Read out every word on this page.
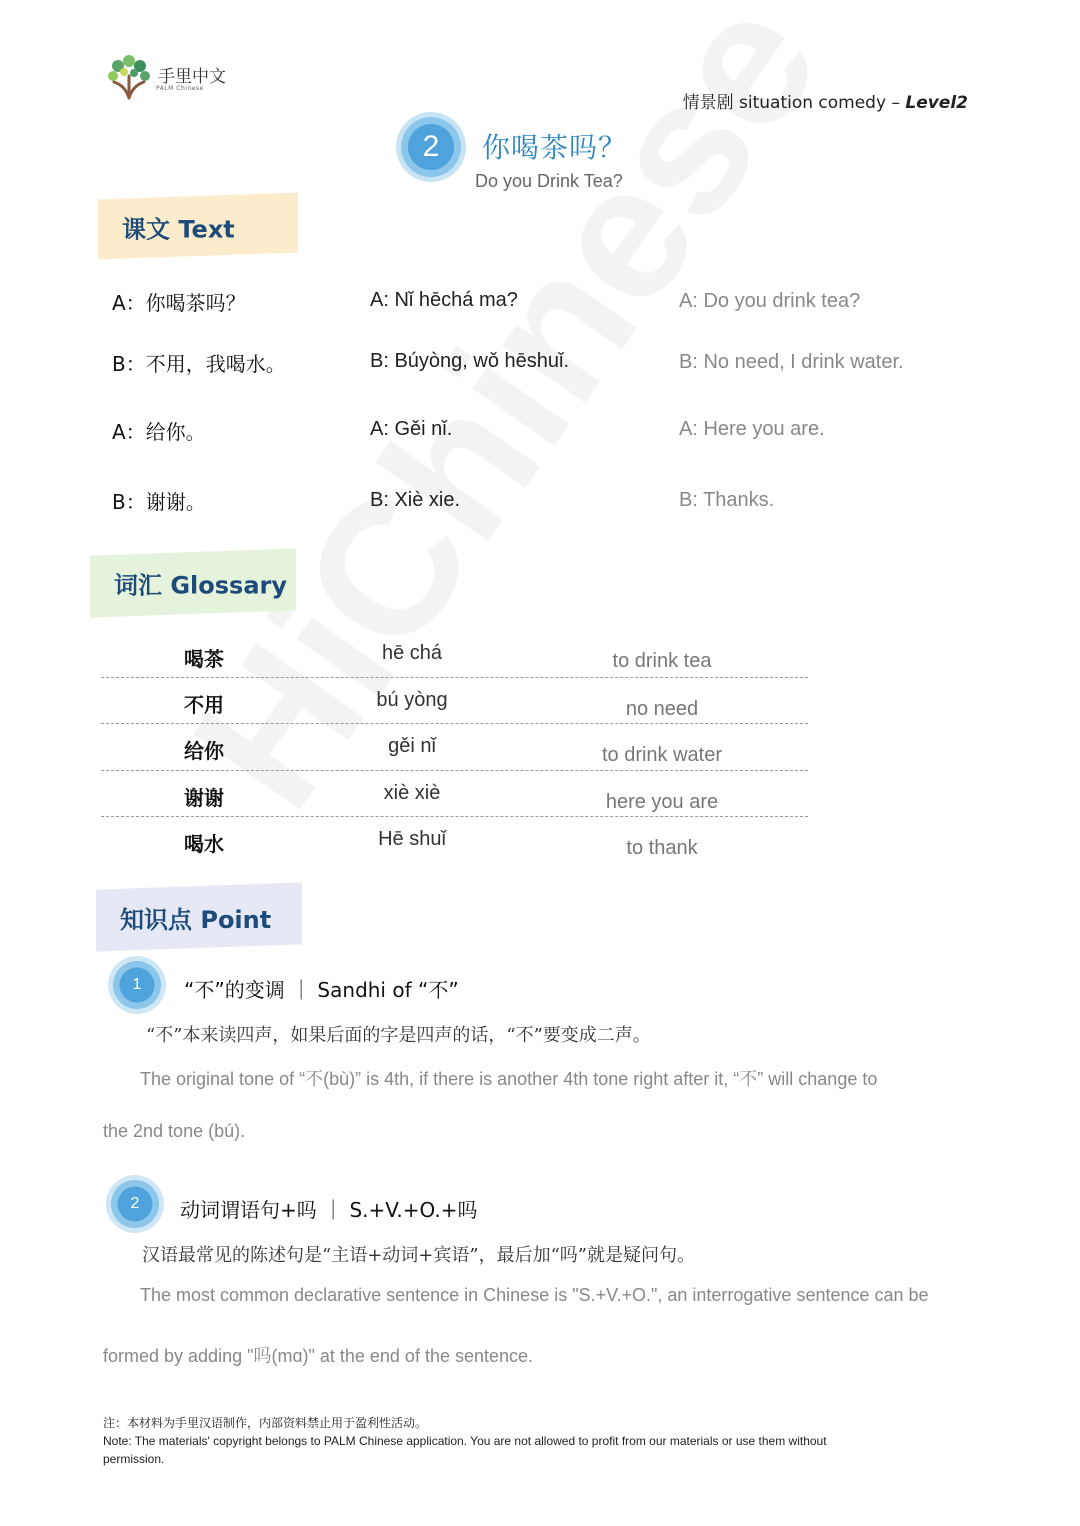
手里中文
PALM Chinese
情景剧 situation comedy – Level2
2	你喝茶吗？
Do you Drink Tea?
课文 Text
A：你喝茶吗？	A: Nǐ hēchá ma?	A: Do you drink tea?
B：不用，我喝水。	B: Búyòng, wǒ hēshuǐ.	B: No need, I drink water.
A：给你。	A: Gěi nǐ.	A: Here you are.
B：谢谢。	B: Xiè xie.	B: Thanks.
词汇 Glossary
喝茶	hē chá	to drink tea
不用	bú yòng	no need
给你	gěi nǐ	to drink water
谢谢	xiè xiè	here you are
喝水	Hē shuǐ	to thank
知识点 Point
1	“不”的变调 ｜ Sandhi of “不”
“不”本来读四声，如果后面的字是四声的话，“不”要变成二声。
The original tone of “不(bù)” is 4th, if there is another 4th tone right after it, “不” will change to
the 2nd tone (bú).
2	动词谓语句+吗 ｜ S.+V.+O.+吗
汉语最常见的陈述句是“主语+动词+宾语”，最后加“吗”就是疑问句。
The most common declarative sentence in Chinese is "S.+V.+O.", an interrogative sentence can be
formed by adding "吗(mɑ)" at the end of the sentence.
注：本材料为手里汉语制作，内部资料禁止用于盈利性活动。
Note: The materials' copyright belongs to PALM Chinese application. You are not allowed to profit from our materials or use them without
permission.
